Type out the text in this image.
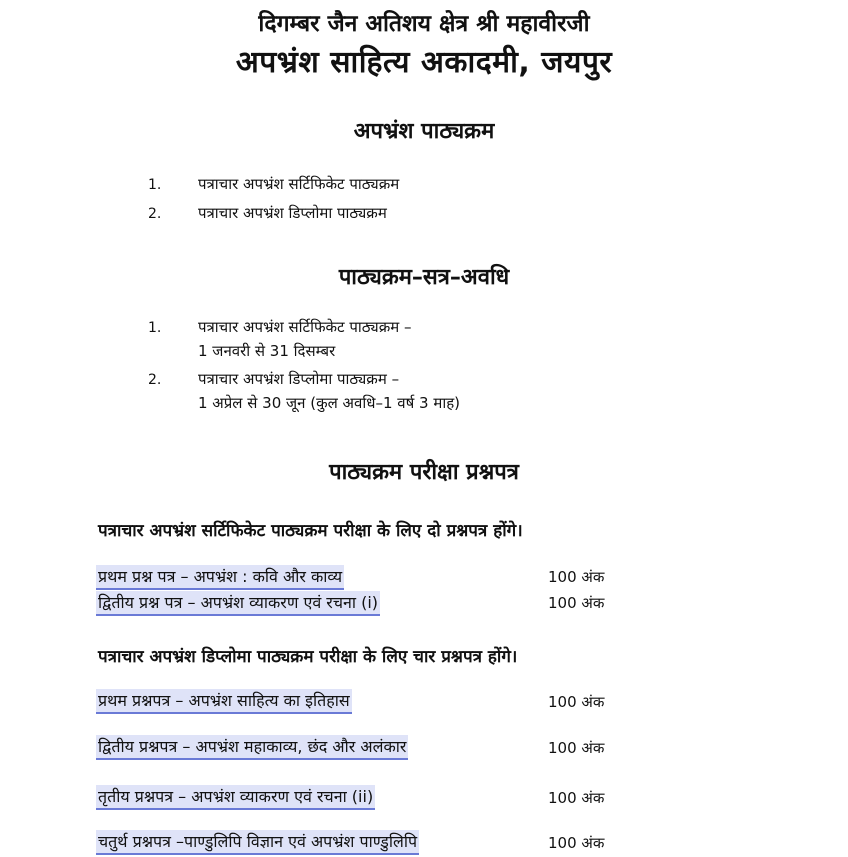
दिगम्बर जैन अतिशय क्षेत्र श्री महावीरजी
अपभ्रंश साहित्य अकादमी, जयपुर
अपभ्रंश पाठ्यक्रम
1. पत्राचार अपभ्रंश सर्टिफिकेट पाठ्यक्रम
2. पत्राचार अपभ्रंश डिप्लोमा पाठ्यक्रम
पाठ्यक्रम–सत्र–अवधि
1. पत्राचार अपभ्रंश सर्टिफिकेट पाठ्यक्रम –
1 जनवरी से 31 दिसम्बर
2. पत्राचार अपभ्रंश डिप्लोमा पाठ्यक्रम –
1 अप्रेल से 30 जून (कुल अवधि–1 वर्ष 3 माह)
पाठ्यक्रम परीक्षा प्रश्नपत्र
पत्राचार अपभ्रंश सर्टिफिकेट पाठ्यक्रम परीक्षा के लिए दो प्रश्नपत्र होंगे।
प्रथम प्रश्न पत्र – अपभ्रंश : कवि और काव्य	100 अंक
द्वितीय प्रश्न पत्र – अपभ्रंश व्याकरण एवं रचना (i)	100 अंक
पत्राचार अपभ्रंश डिप्लोमा पाठ्यक्रम परीक्षा के लिए चार प्रश्नपत्र होंगे।
प्रथम प्रश्नपत्र – अपभ्रंश साहित्य का इतिहास	100 अंक
द्वितीय प्रश्नपत्र – अपभ्रंश महाकाव्य, छंद और अलंकार	100 अंक
तृतीय प्रश्नपत्र – अपभ्रंश व्याकरण एवं रचना (ii)	100 अंक
चतुर्थ प्रश्नपत्र –पाण्डुलिपि विज्ञान एवं अपभ्रंश पाण्डुलिपि	100 अंक
